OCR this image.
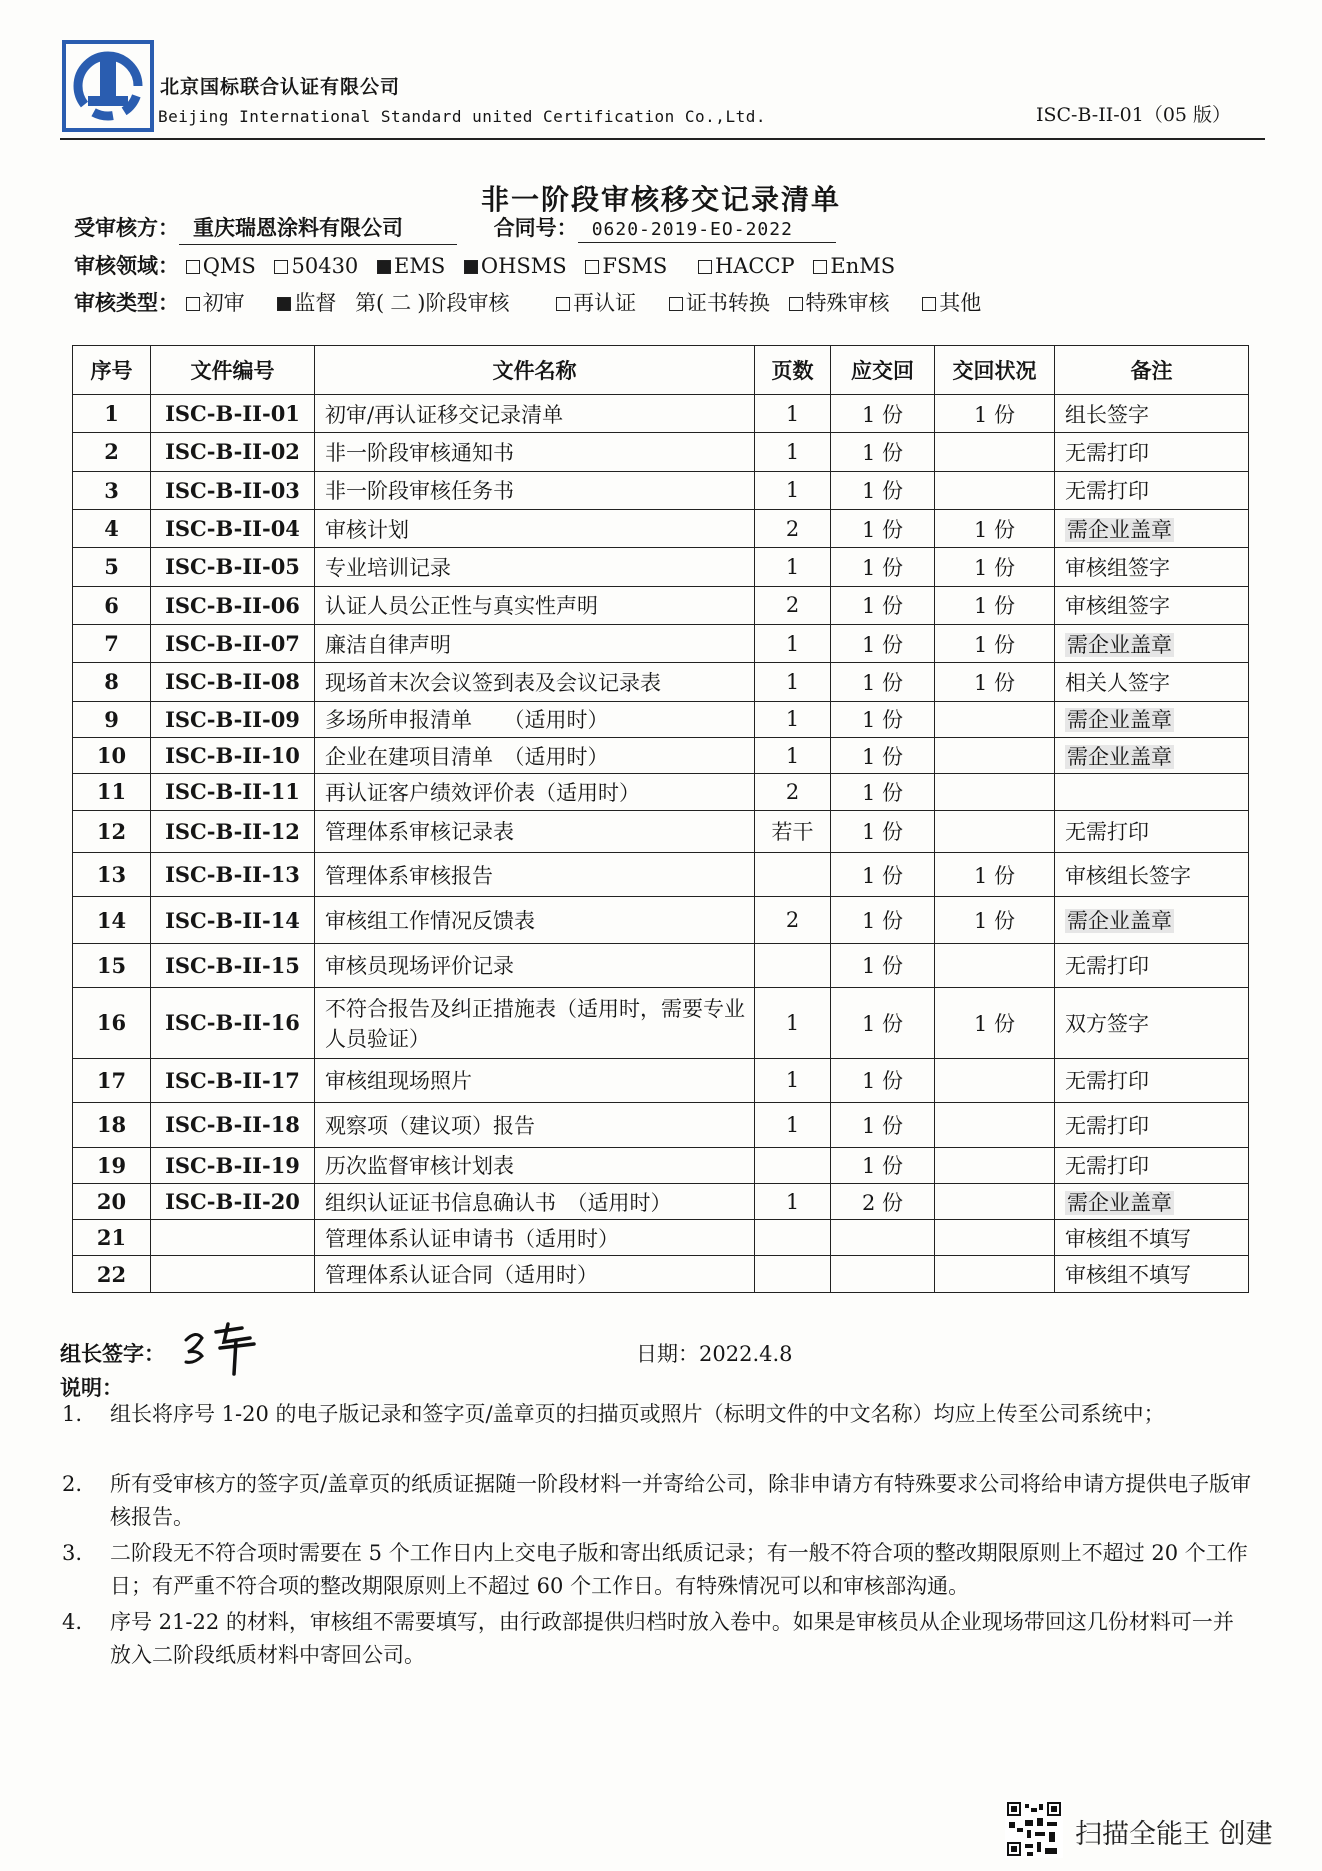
北京国标联合认证有限公司
Beijing International Standard united Certification Co.,Ltd.	ISC-B-II-01（05 版）
非一阶段审核移交记录清单
受审核方： 重庆瑞恩涂料有限公司	合同号： 0620-2019-EO-2022
审核领域： QMS 50430 EMS OHSMS FSMS HACCP EnMS
审核类型： 初审 监督 第( 二 )阶段审核	再认证 证书转换 特殊审核 其他
序号	文件编号	文件名称	页数	应交回	交回状况	备注
1	ISC-B-II-01	初审/再认证移交记录清单	1	1 份	1 份	组长签字
2	ISC-B-II-02	非一阶段审核通知书	1	1 份		无需打印
3	ISC-B-II-03	非一阶段审核任务书	1	1 份		无需打印
4	ISC-B-II-04	审核计划	2	1 份	1 份	需企业盖章
5	ISC-B-II-05	专业培训记录	1	1 份	1 份	审核组签字
6	ISC-B-II-06	认证人员公正性与真实性声明	2	1 份	1 份	审核组签字
7	ISC-B-II-07	廉洁自律声明	1	1 份	1 份	需企业盖章
8	ISC-B-II-08	现场首末次会议签到表及会议记录表	1	1 份	1 份	相关人签字
9	ISC-B-II-09	多场所申报清单　　（适用时）	1	1 份		需企业盖章
10	ISC-B-II-10	企业在建项目清单　（适用时）	1	1 份		需企业盖章
11	ISC-B-II-11	再认证客户绩效评价表（适用时）	2	1 份		
12	ISC-B-II-12	管理体系审核记录表	若干	1 份		无需打印
13	ISC-B-II-13	管理体系审核报告		1 份	1 份	审核组长签字
14	ISC-B-II-14	审核组工作情况反馈表	2	1 份	1 份	需企业盖章
15	ISC-B-II-15	审核员现场评价记录		1 份		无需打印
16	ISC-B-II-16	不符合报告及纠正措施表（适用时，需要专业人员验证）	1	1 份	1 份	双方签字
17	ISC-B-II-17	审核组现场照片	1	1 份		无需打印
18	ISC-B-II-18	观察项（建议项）报告	1	1 份		无需打印
19	ISC-B-II-19	历次监督审核计划表		1 份		无需打印
20	ISC-B-II-20	组织认证证书信息确认书　（适用时）	1	2 份		需企业盖章
21		管理体系认证申请书（适用时）				审核组不填写
22		管理体系认证合同（适用时）				审核组不填写
组长签字：	日期：2022.4.8
说明：
1.	组长将序号 1-20 的电子版记录和签字页/盖章页的扫描页或照片（标明文件的中文名称）均应上传至公司系统中；
2.	所有受审核方的签字页/盖章页的纸质证据随一阶段材料一并寄给公司，除非申请方有特殊要求公司将给申请方提供电子版审核报告。
3.	二阶段无不符合项时需要在 5 个工作日内上交电子版和寄出纸质记录；有一般不符合项的整改期限原则上不超过 20 个工作日；有严重不符合项的整改期限原则上不超过 60 个工作日。有特殊情况可以和审核部沟通。
4.	序号 21-22 的材料，审核组不需要填写，由行政部提供归档时放入卷中。如果是审核员从企业现场带回这几份材料可一并放入二阶段纸质材料中寄回公司。
扫描全能王 创建
